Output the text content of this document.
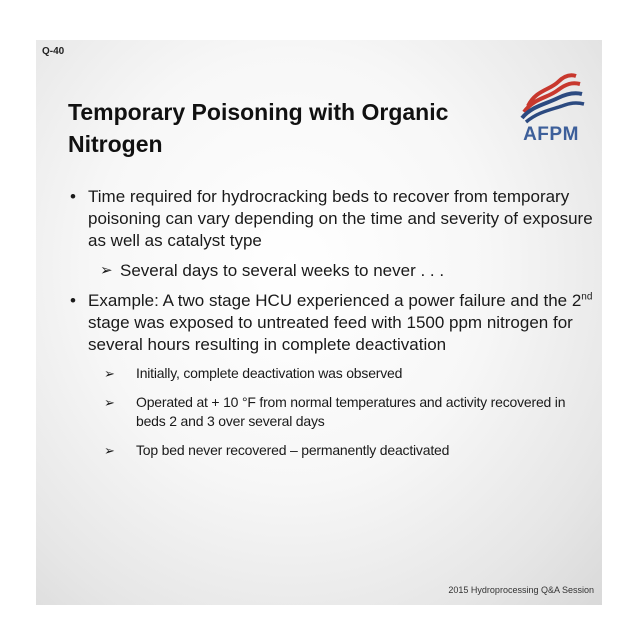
Q-40
Temporary Poisoning with Organic Nitrogen	AFPM
• Time required for hydrocracking beds to recover from temporary poisoning can vary depending on the time and severity of exposure as well as catalyst type
➢ Several days to several weeks to never . . .
• Example: A two stage HCU experienced a power failure and the 2nd stage was exposed to untreated feed with 1500 ppm nitrogen for several hours resulting in complete deactivation
➢ Initially, complete deactivation was observed
➢ Operated at + 10 °F from normal temperatures and activity recovered in beds 2 and 3 over several days
➢ Top bed never recovered – permanently deactivated
2015 Hydroprocessing Q&A Session
